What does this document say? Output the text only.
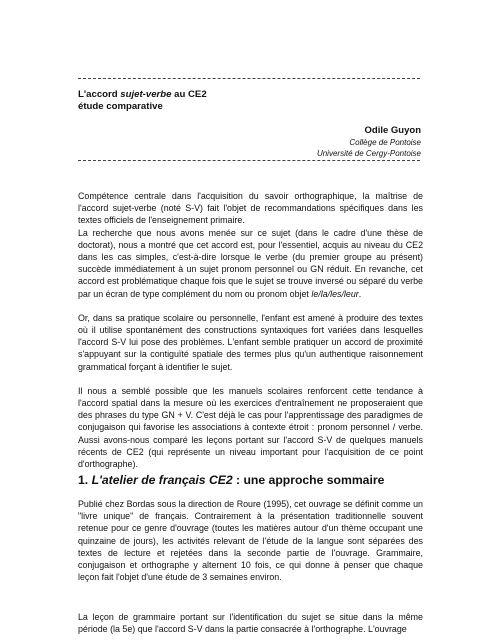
L'accord sujet-verbe au CE2
étude comparative
Odile Guyon
Collège de Pontoise
Université de Cergy-Pontoise

Compétence centrale dans l'acquisition du savoir orthographique, la maîtrise de l'accord sujet-verbe (noté S-V) fait l'objet de recommandations spécifiques dans les textes officiels de l'enseignement primaire.

La recherche que nous avons menée sur ce sujet (dans le cadre d'une thèse de doctorat), nous a montré que cet accord est, pour l'essentiel, acquis au niveau du CE2 dans les cas simples, c'est-à-dire lorsque le verbe (du premier groupe au présent) succède immédiatement à un sujet pronom personnel ou GN réduit. En revanche, cet accord est problématique chaque fois que le sujet se trouve inversé ou séparé du verbe par un écran de type complément du nom ou pronom objet le/la/les/leur.

Or, dans sa pratique scolaire ou personnelle, l'enfant est amené à produire des textes où il utilise spontanément des constructions syntaxiques fort variées dans lesquelles l'accord S-V lui pose des problèmes. L'enfant semble pratiquer un accord de proximité s'appuyant sur la contiguïté spatiale des termes plus qu'un authentique raisonnement grammatical forçant à identifier le sujet.

Il nous a semblé possible que les manuels scolaires renforcent cette tendance à l'accord spatial dans la mesure où les exercices d'entraînement ne proposeraient que des phrases du type GN + V. C'est déjà le cas pour l'apprentissage des paradigmes de conjugaison qui favorise les associations à contexte étroit : pronom personnel / verbe. Aussi avons-nous comparé les leçons portant sur l'accord S-V de quelques manuels récents de CE2 (qui représente un niveau important pour l'acquisition de ce point d'orthographe).

1. L'atelier de français CE2 : une approche sommaire

Publié chez Bordas sous la direction de Roure (1995), cet ouvrage se définit comme un "livre unique" de français. Contrairement à la présentation traditionnelle souvent retenue pour ce genre d'ouvrage (toutes les matières autour d'un thème occupant une quinzaine de jours), les activités relevant de l'étude de la langue sont séparées des textes de lecture et rejetées dans la seconde partie de l'ouvrage. Grammaire, conjugaison et orthographe y alternent 10 fois, ce qui donne à penser que chaque leçon fait l'objet d'une étude de 3 semaines environ.

La leçon de grammaire portant sur l'identification du sujet se situe dans la même période (la 5e) que l'accord S-V dans la partie consacrée à l'orthographe. L'ouvrage
